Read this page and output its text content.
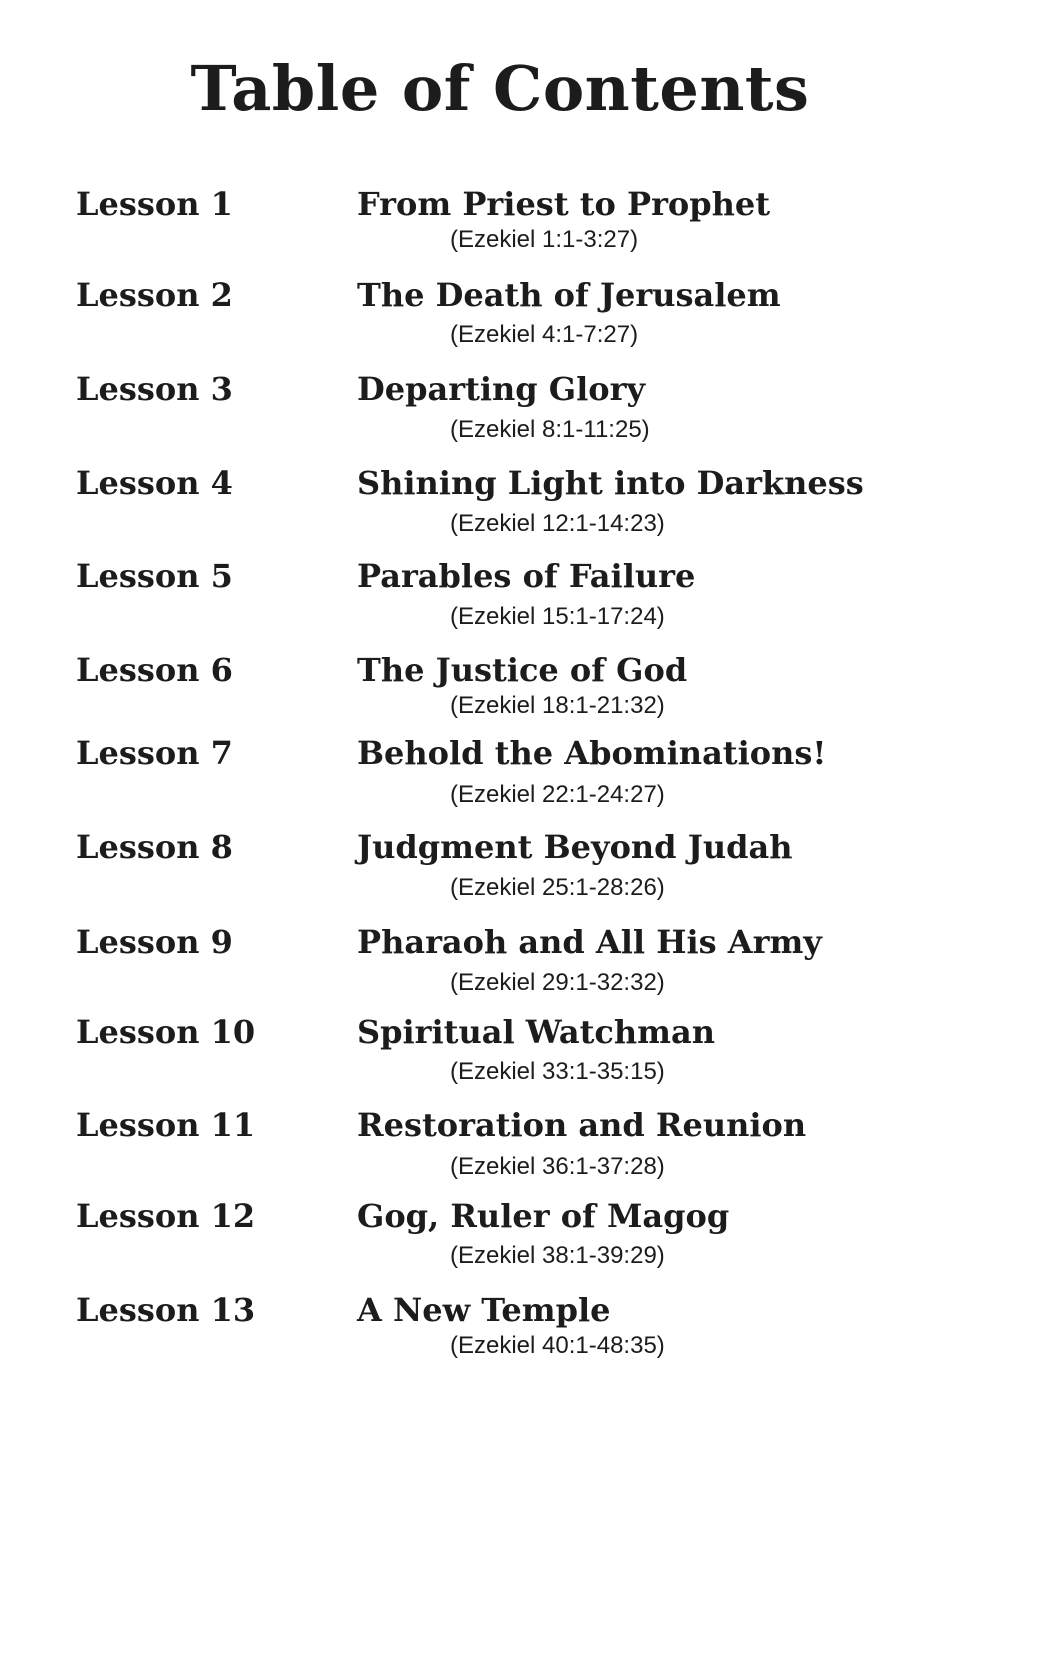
Table of Contents
Lesson 1	From Priest to Prophet
(Ezekiel 1:1-3:27)
Lesson 2	The Death of Jerusalem
(Ezekiel 4:1-7:27)
Lesson 3	Departing Glory
(Ezekiel 8:1-11:25)
Lesson 4	Shining Light into Darkness
(Ezekiel 12:1-14:23)
Lesson 5	Parables of Failure
(Ezekiel 15:1-17:24)
Lesson 6	The Justice of God
(Ezekiel 18:1-21:32)
Lesson 7	Behold the Abominations!
(Ezekiel 22:1-24:27)
Lesson 8	Judgment Beyond Judah
(Ezekiel 25:1-28:26)
Lesson 9	Pharaoh and All His Army
(Ezekiel 29:1-32:32)
Lesson 10	Spiritual Watchman
(Ezekiel 33:1-35:15)
Lesson 11	Restoration and Reunion
(Ezekiel 36:1-37:28)
Lesson 12	Gog, Ruler of Magog
(Ezekiel 38:1-39:29)
Lesson 13	A New Temple
(Ezekiel 40:1-48:35)
